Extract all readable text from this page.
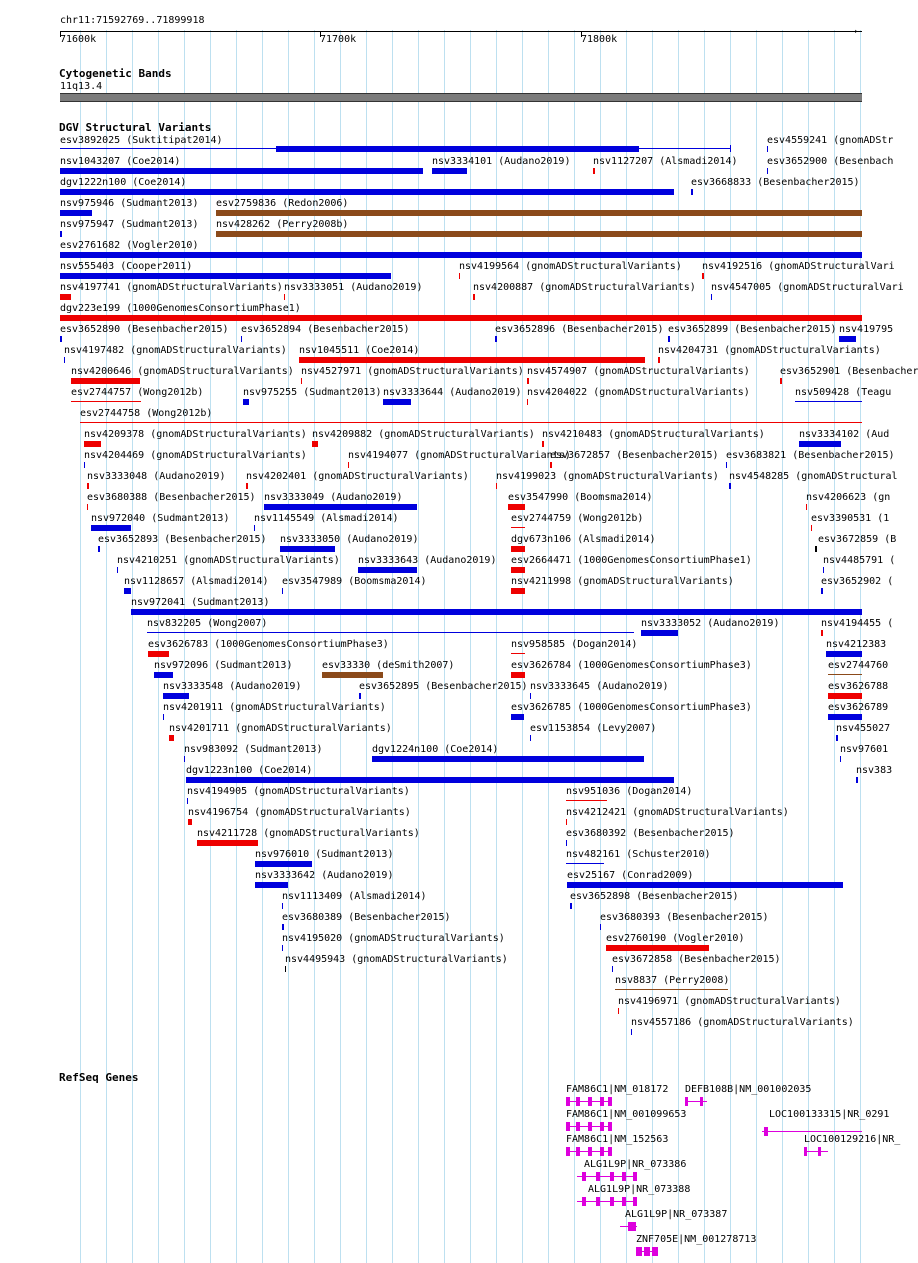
chr11:71592769..71899918
71600k	71700k	71800k
Cytogenetic Bands
11q13.4
DGV Structural Variants
esv3892025 (Suktitipat2014)	esv4559241 (gnomADStr
nsv1043207 (Coe2014)	nsv3334101 (Audano2019) nsv1127207 (Alsmadi2014)	esv3652900 (Besenbach
dgv1222n100 (Coe2014)	esv3668833 (Besenbacher2015)
nsv975946 (Sudmant2013) esv2759836 (Redon2006)
nsv975947 (Sudmant2013) nsv428262 (Perry2008b)
esv2761682 (Vogler2010)
nsv555403 (Cooper2011)	nsv4199564 (gnomADStructuralVariants) nsv4192516 (gnomADStructuralVari
nsv4197741 (gnomADStructuralVariants) nsv3333051 (Audano2019)	nsv4200887 (gnomADStructuralVariants) nsv4547005 (gnomADStructuralVari
dgv223e199 (1000GenomesConsortiumPhase1)
esv3652890 (Besenbacher2015) esv3652894 (Besenbacher2015)	esv3652896 (Besenbacher2015) esv3652899 (Besenbacher2015) nsv419795
nsv4197482 (gnomADStructuralVariants) nsv1045511 (Coe2014)	nsv4204731 (gnomADStructuralVariants)
nsv4200646 (gnomADStructuralVariants) nsv4527971 (gnomADStructuralVariants) nsv4574907 (gnomADStructuralVariants)	esv3652901 (Besenbacher
esv2744757 (Wong2012b)	nsv975255 (Sudmant2013) nsv3333644 (Audano2019) nsv4204022 (gnomADStructuralVariants)	nsv509428 (Teagu
esv2744758 (Wong2012b)
nsv4209378 (gnomADStructuralVariants) nsv4209882 (gnomADStructuralVariants) nsv4210483 (gnomADStructuralVariants)	nsv3334102 (Aud
nsv4204469 (gnomADStructuralVariants)	nsv4194077 (gnomADStructuralVariants)
esv3672857 (Besenbacher2015) esv3683821 (Besenbacher2015)
nsv3333048 (Audano2019) nsv4202401 (gnomADStructuralVariants)	nsv4199023 (gnomADStructuralVariants) nsv4548285 (gnomADStructural
esv3680388 (Besenbacher2015) nsv3333049 (Audano2019)	esv3547990 (Boomsma2014)	nsv4206623 (gn
nsv972040 (Sudmant2013) nsv1145549 (Alsmadi2014)	esv2744759 (Wong2012b)	esv3390531 (1
esv3652893 (Besenbacher2015) nsv3333050 (Audano2019)	dgv673n106 (Alsmadi2014)	esv3672859 (B
nsv4210251 (gnomADStructuralVariants) nsv3333643 (Audano2019) esv2664471 (1000GenomesConsortiumPhase1)	nsv4485791 (
nsv1128657 (Alsmadi2014) esv3547989 (Boomsma2014)	nsv4211998 (gnomADStructuralVariants)	esv3652902 (
nsv972041 (Sudmant2013)
nsv832205 (Wong2007)	nsv3333052 (Audano2019)	nsv4194455 (
esv3626783 (1000GenomesConsortiumPhase3)	nsv958585 (Dogan2014)	nsv4212383
nsv972096 (Sudmant2013)	esv33330 (deSmith2007)	esv3626784 (1000GenomesConsortiumPhase3)	esv2744760
nsv3333548 (Audano2019)	esv3652895 (Besenbacher2015) nsv3333645 (Audano2019)	esv3626788
nsv4201911 (gnomADStructuralVariants)	esv3626785 (1000GenomesConsortiumPhase3)	esv3626789
nsv4201711 (gnomADStructuralVariants)	esv1153854 (Levy2007)	nsv455027
nsv983092 (Sudmant2013)	dgv1224n100 (Coe2014)	nsv97601
dgv1223n100 (Coe2014)	nsv383
nsv4194905 (gnomADStructuralVariants)	nsv951036 (Dogan2014)
nsv4196754 (gnomADStructuralVariants)	nsv4212421 (gnomADStructuralVariants)
nsv4211728 (gnomADStructuralVariants)	esv3680392 (Besenbacher2015)
nsv976010 (Sudmant2013)	nsv482161 (Schuster2010)
nsv3333642 (Audano2019)	esv25167 (Conrad2009)
nsv1113409 (Alsmadi2014)	esv3652898 (Besenbacher2015)
esv3680389 (Besenbacher2015)	esv3680393 (Besenbacher2015)
nsv4195020 (gnomADStructuralVariants)	esv2760190 (Vogler2010)
nsv4495943 (gnomADStructuralVariants)	esv3672858 (Besenbacher2015)
nsv8837 (Perry2008)
nsv4196971 (gnomADStructuralVariants)
nsv4557186 (gnomADStructuralVariants)
RefSeq Genes
FAM86C1|NM_018172 DEFB108B|NM_001002035
FAM86C1|NM_001099653	LOC100133315|NR_0291
FAM86C1|NM_152563	LOC100129216|NR_
ALG1L9P|NR_073386
ALG1L9P|NR_073388
ALG1L9P|NR_073387
ZNF705E|NM_001278713
